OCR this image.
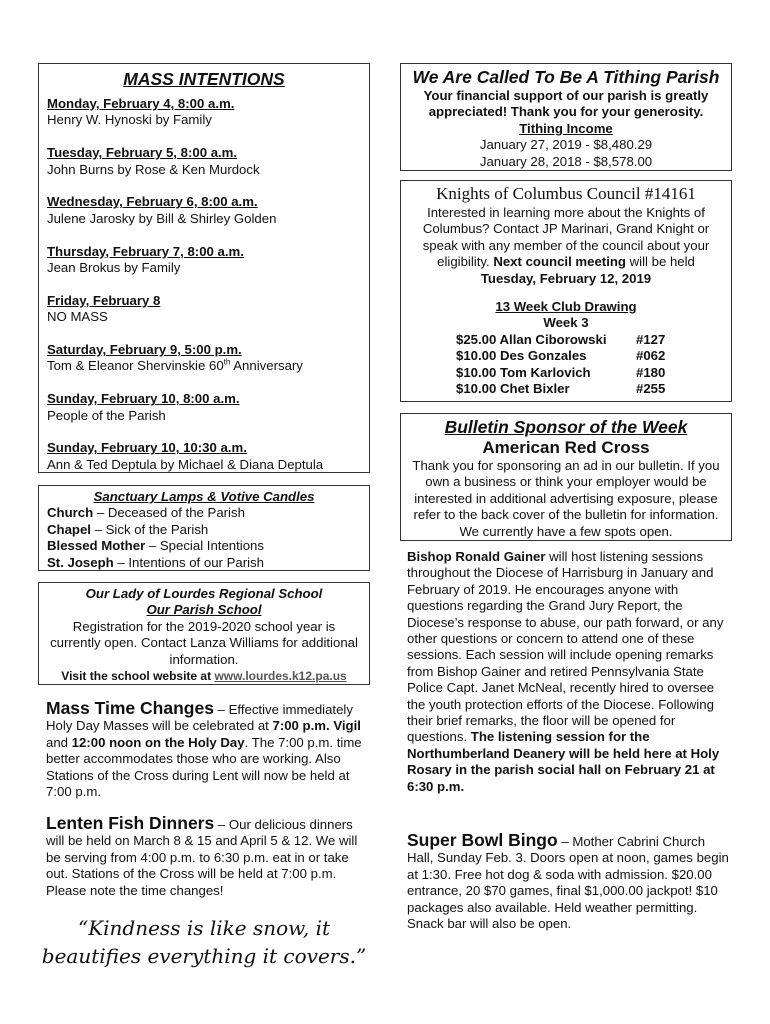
MASS INTENTIONS
Monday, February 4, 8:00 a.m.
Henry W. Hynoski by Family
Tuesday, February 5, 8:00 a.m.
John Burns by Rose & Ken Murdock
Wednesday, February 6, 8:00 a.m.
Julene Jarosky by Bill & Shirley Golden
Thursday, February 7, 8:00 a.m.
Jean Brokus by Family
Friday, February 8
NO MASS
Saturday, February 9, 5:00 p.m.
Tom & Eleanor Shervinskie 60th Anniversary
Sunday, February 10, 8:00 a.m.
People of the Parish
Sunday, February 10, 10:30 a.m.
Ann & Ted Deptula by Michael & Diana Deptula
Sanctuary Lamps & Votive Candles
Church – Deceased of the Parish
Chapel – Sick of the Parish
Blessed Mother – Special Intentions
St. Joseph – Intentions of our Parish
Our Lady of Lourdes Regional School
Our Parish School
Registration for the 2019-2020 school year is currently open. Contact Lanza Williams for additional information.
Visit the school website at www.lourdes.k12.pa.us
Mass Time Changes – Effective immediately Holy Day Masses will be celebrated at 7:00 p.m. Vigil and 12:00 noon on the Holy Day. The 7:00 p.m. time better accommodates those who are working. Also Stations of the Cross during Lent will now be held at 7:00 p.m.
Lenten Fish Dinners – Our delicious dinners will be held on March 8 & 15 and April 5 & 12. We will be serving from 4:00 p.m. to 6:30 p.m. eat in or take out. Stations of the Cross will be held at 7:00 p.m. Please note the time changes!
“Kindness is like snow, it
beautifies everything it covers.”
We Are Called To Be A Tithing Parish
Your financial support of our parish is greatly appreciated! Thank you for your generosity.
Tithing Income
January 27, 2019 - $8,480.29
January 28, 2018 - $8,578.00
Knights of Columbus Council #14161
Interested in learning more about the Knights of Columbus? Contact JP Marinari, Grand Knight or speak with any member of the council about your eligibility. Next council meeting will be held
Tuesday, February 12, 2019
13 Week Club Drawing
Week 3
$25.00 Allan Ciborowski	#127
$10.00 Des Gonzales	#062
$10.00 Tom Karlovich	#180
$10.00 Chet Bixler	#255
Bulletin Sponsor of the Week
American Red Cross
Thank you for sponsoring an ad in our bulletin. If you own a business or think your employer would be interested in additional advertising exposure, please refer to the back cover of the bulletin for information. We currently have a few spots open.
Bishop Ronald Gainer will host listening sessions throughout the Diocese of Harrisburg in January and February of 2019. He encourages anyone with questions regarding the Grand Jury Report, the Diocese’s response to abuse, our path forward, or any other questions or concern to attend one of these sessions. Each session will include opening remarks from Bishop Gainer and retired Pennsylvania State Police Capt. Janet McNeal, recently hired to oversee the youth protection efforts of the Diocese. Following their brief remarks, the floor will be opened for questions. The listening session for the Northumberland Deanery will be held here at Holy Rosary in the parish social hall on February 21 at 6:30 p.m.
Super Bowl Bingo – Mother Cabrini Church Hall, Sunday Feb. 3. Doors open at noon, games begin at 1:30. Free hot dog & soda with admission. $20.00 entrance, 20 $70 games, final $1,000.00 jackpot! $10 packages also available. Held weather permitting. Snack bar will also be open.
